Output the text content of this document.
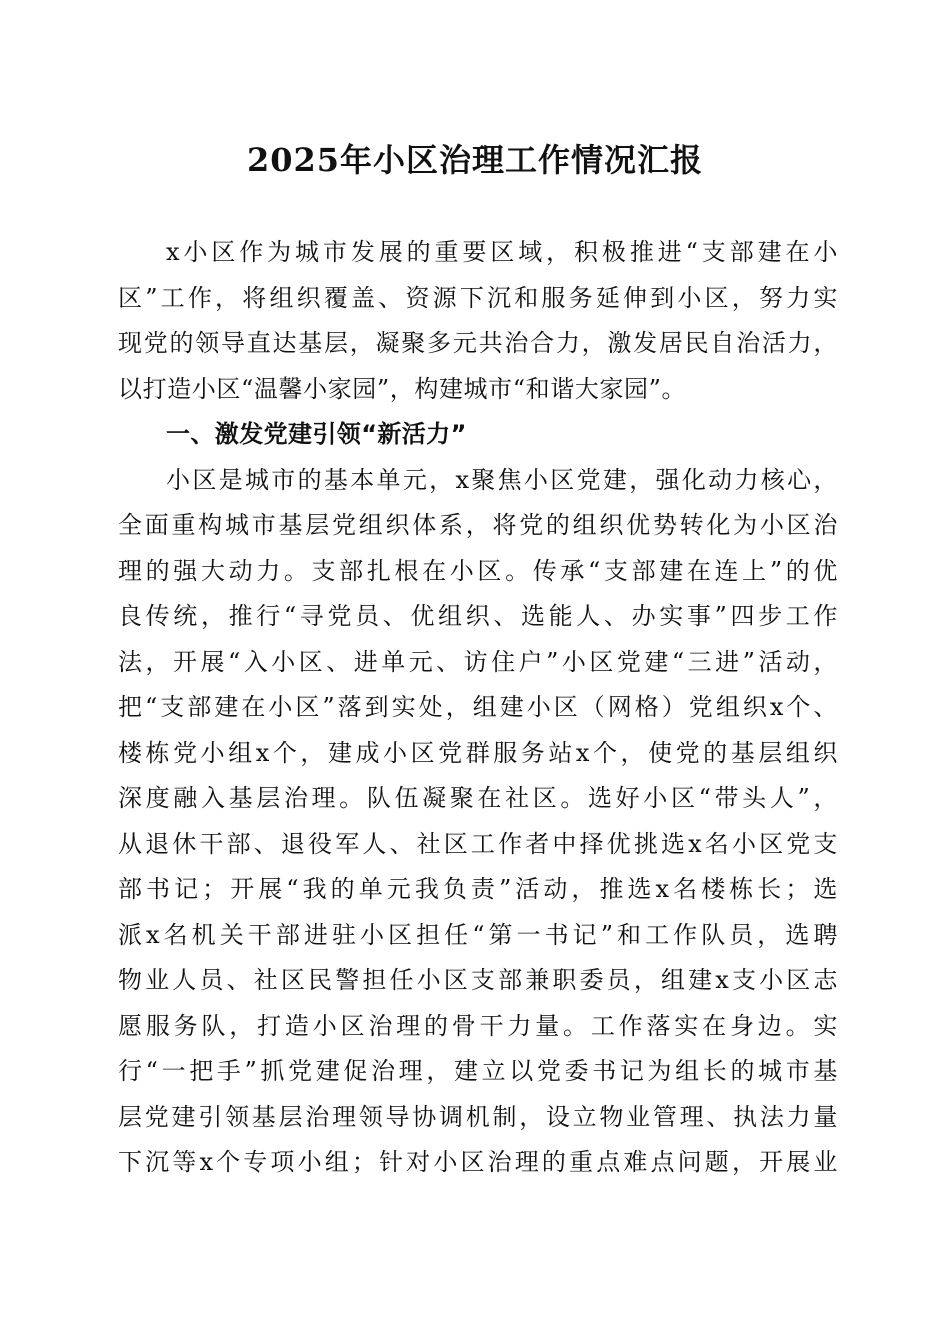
2025年小区治理工作情况汇报
x小区作为城市发展的重要区域，积极推进“支部建在小
区”工作，将组织覆盖、资源下沉和服务延伸到小区，努力实
现党的领导直达基层，凝聚多元共治合力，激发居民自治活力，
以打造小区“温馨小家园”，构建城市“和谐大家园”。
一、激发党建引领“新活力”
小区是城市的基本单元，x聚焦小区党建，强化动力核心，
全面重构城市基层党组织体系，将党的组织优势转化为小区治
理的强大动力。支部扎根在小区。传承“支部建在连上”的优
良传统，推行“寻党员、优组织、选能人、办实事”四步工作
法，开展“入小区、进单元、访住户”小区党建“三进”活动，
把“支部建在小区”落到实处，组建小区（网格）党组织x个、
楼栋党小组x个，建成小区党群服务站x个，使党的基层组织
深度融入基层治理。队伍凝聚在社区。选好小区“带头人”，
从退休干部、退役军人、社区工作者中择优挑选x名小区党支
部书记；开展“我的单元我负责”活动，推选x名楼栋长；选
派x名机关干部进驻小区担任“第一书记”和工作队员，选聘
物业人员、社区民警担任小区支部兼职委员，组建x支小区志
愿服务队，打造小区治理的骨干力量。工作落实在身边。实
行“一把手”抓党建促治理，建立以党委书记为组长的城市基
层党建引领基层治理领导协调机制，设立物业管理、执法力量
下沉等x个专项小组；针对小区治理的重点难点问题，开展业
